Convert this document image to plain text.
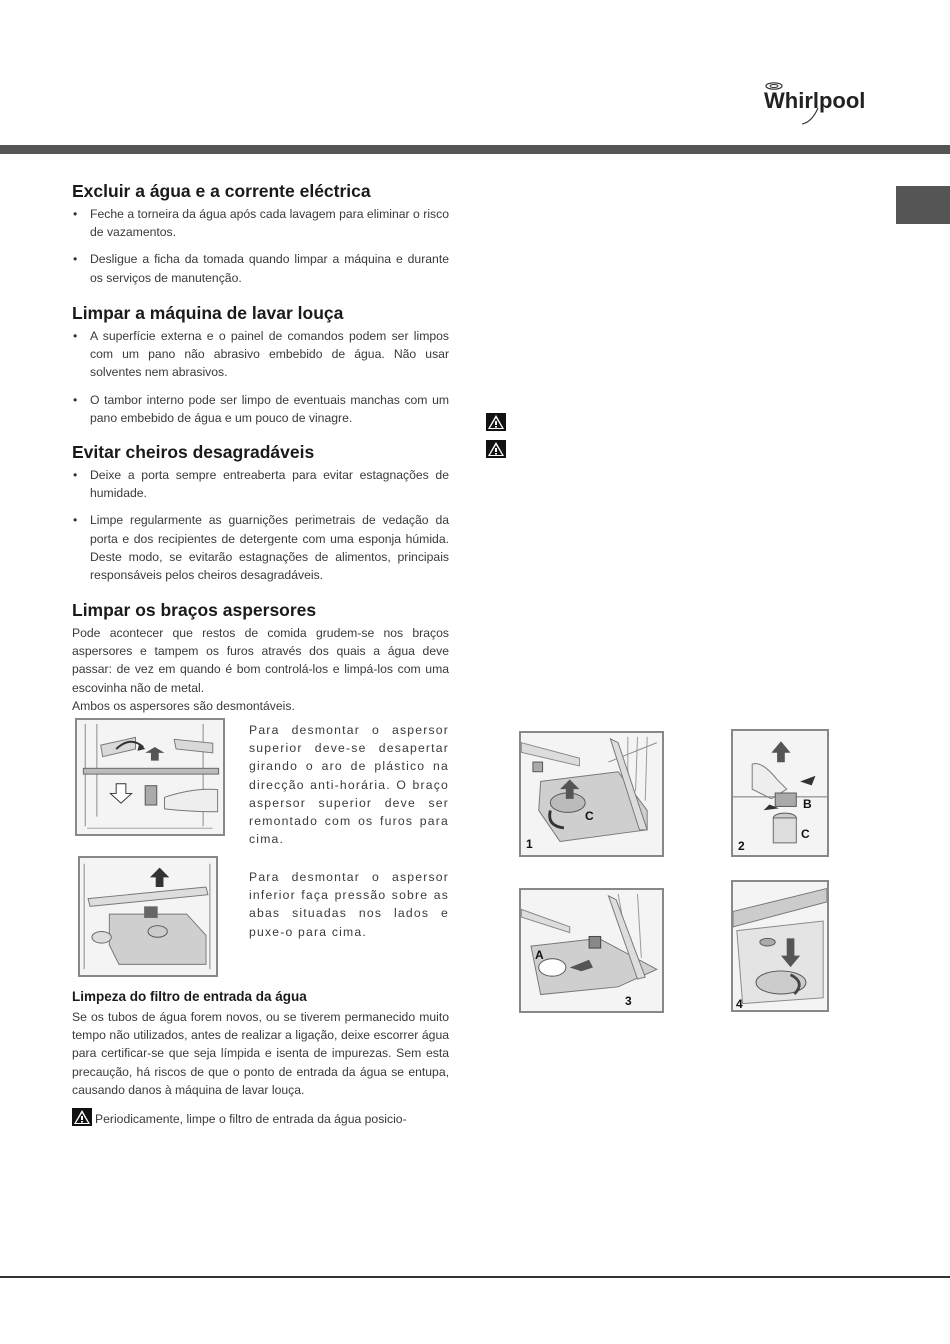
Whirlpool
Excluir a água e a corrente eléctrica
• Feche a torneira da água após cada lavagem para eliminar o risco de vazamentos.
• Desligue a ficha da tomada quando limpar a máquina e durante os serviços de manutenção.
Limpar a máquina de lavar louça
• A superfície externa e o painel de comandos podem ser limpos com um pano não abrasivo embebido de água. Não usar solventes nem abrasivos.
• O tambor interno pode ser limpo de eventuais manchas com um pano embebido de água e um pouco de vinagre.
Evitar cheiros desagradáveis
• Deixe a porta sempre entreaberta para evitar estagnações de humidade.
• Limpe regularmente as guarnições perimetrais de vedação da porta e dos recipientes de detergente com uma esponja húmida. Deste modo, se evitarão estagnações de alimentos, principais responsáveis pelos cheiros desagradáveis.
Limpar os braços aspersores

Pode acontecer que restos de comida grudem-se nos braços aspersores e tampem os furos através dos quais a água deve passar: de vez em quando é bom controlá-los e limpá-los com uma escovinha não de metal.

Ambos os aspersores são desmontáveis.

Limpeza do filtro de entrada da água

Se os tubos de água forem novos, ou se tiverem permanecido muito tempo não utilizados, antes de realizar a ligação, deixe escorrer água para certificar-se que seja límpida e isenta de impurezas. Sem esta precaução, há riscos de que o ponto de entrada da água se entupa, causando danos à máquina de lavar louça.

Periodicamente, limpe o filtro de entrada da água posicio-

Para desmontar o aspersor superior deve-se desapertar girando o aro de plástico na direcção anti-horária. O braço aspersor superior deve ser remontado com os furos para cima.
Para desmontar o aspersor inferior faça pressão sobre as abas situadas nos lados e puxe-o para cima.
C
1
B
C
2
A
3	4
